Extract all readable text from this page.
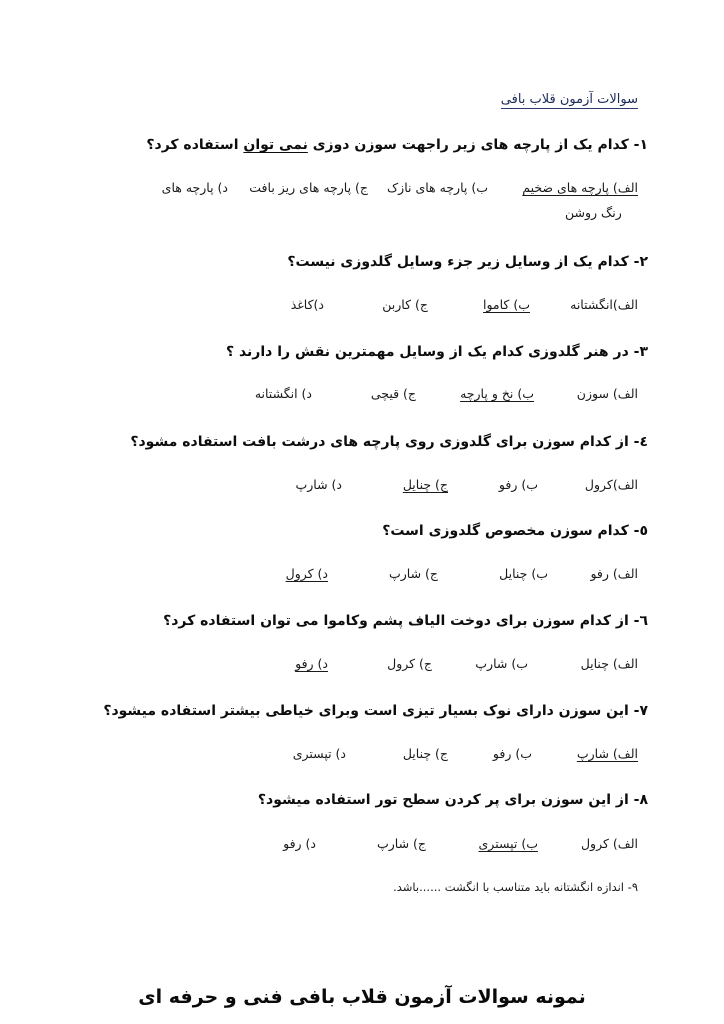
سوالات آزمون قلاب بافی
۱- کدام یک از پارچه های زیر راجهت سوزن دوزی نمی توان استفاده کرد؟
الف) پارچه های ضخیم
ب) پارچه های نازک
ج) پارچه های ریز بافت
د) پارچه های
رنگ روشن
۲- کدام یک از وسایل زیر جزء وسایل گلدوزی نیست؟
الف)انگشتانه
ب) کاموا
ج) کاربن
د)کاغذ
۳- در هنر گلدوزی کدام یک از وسایل مهمترین نقش را دارند ؟
الف) سوزن
ب) نخ و پارچه
ج) قیچی
د) انگشتانه
٤- از کدام سوزن برای گلدوزی روی پارچه های درشت بافت استفاده مشود؟
الف)کرول
ب) رفو
ج) چنایل
د) شارپ
٥- کدام سوزن مخصوص گلدوزی است؟
الف) رفو
ب) چنایل
ج) شارپ
د) کرول
٦- از کدام سوزن برای دوخت الیاف پشم وکاموا می توان استفاده کرد؟
الف) چنایل
ب) شارپ
ج) کرول
د) رفو
۷- این سوزن دارای نوک بسیار تیزی است وبرای خیاطی بیشتر استفاده میشود؟
الف) شارپ
ب) رفو
ج) چنایل
د) تپستری
۸- از این سوزن برای پر کردن سطح تور استفاده میشود؟
الف) کرول
ب) تپستری
ج) شارپ
د) رفو
۹- اندازه انگشتانه باید متناسب با انگشت ......باشد.
نمونه سوالات آزمون قلاب بافی فنی و حرفه ای
